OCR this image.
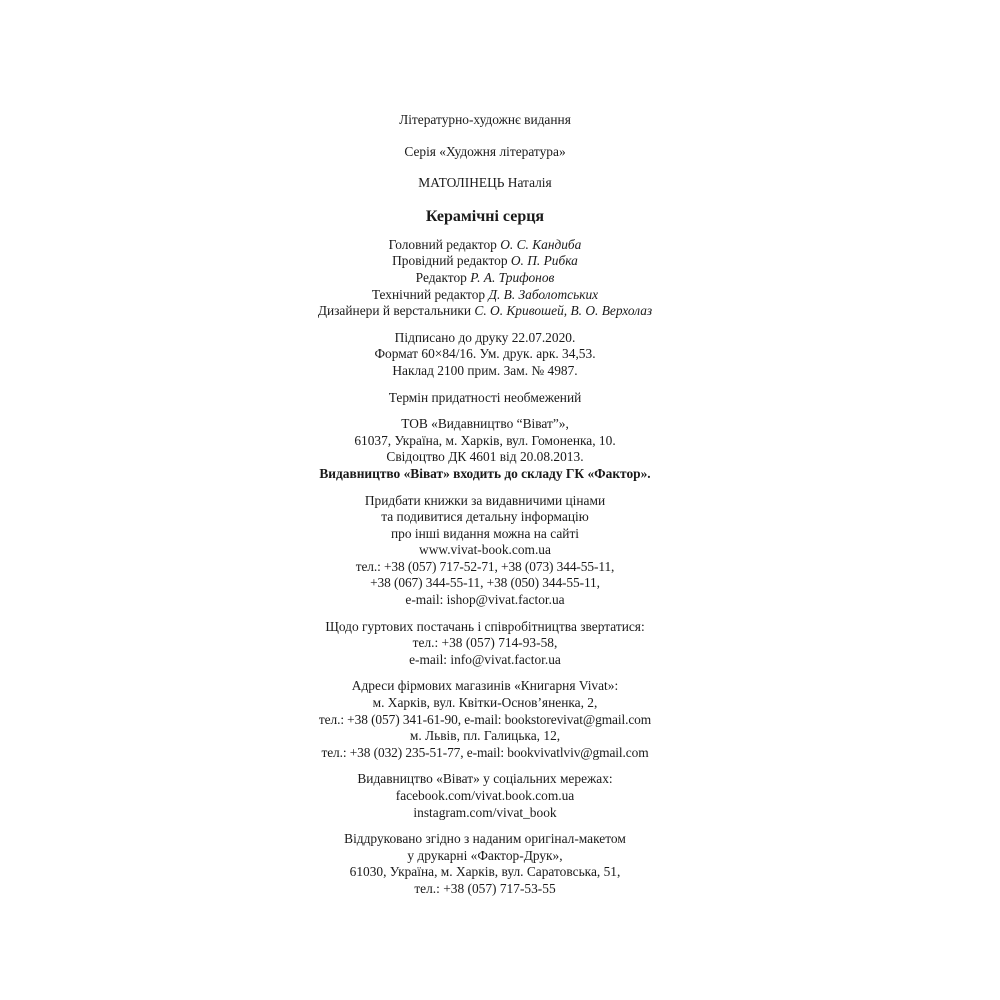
Літературно-художнє видання
Серія «Художня література»
МАТОЛІНЕЦЬ Наталія
Керамічні серця
Головний редактор О. С. Кандиба
Провідний редактор О. П. Рибка
Редактор Р. А. Трифонов
Технічний редактор Д. В. Заболотських
Дизайнери й верстальники С. О. Кривошей, В. О. Верхолаз
Підписано до друку 22.07.2020.
Формат 60×84/16. Ум. друк. арк. 34,53.
Наклад 2100 прим. Зам. № 4987.
Термін придатності необмежений
ТОВ «Видавництво “Віват”»,
61037, Україна, м. Харків, вул. Гомоненка, 10.
Свідоцтво ДК 4601 від 20.08.2013.
Видавництво «Віват» входить до складу ГК «Фактор».
Придбати книжки за видавничими цінами
та подивитися детальну інформацію
про інші видання можна на сайті
www.vivat-book.com.ua
тел.: +38 (057) 717-52-71, +38 (073) 344-55-11,
+38 (067) 344-55-11, +38 (050) 344-55-11,
e-mail: ishop@vivat.factor.ua
Щодо гуртових постачань і співробітництва звертатися:
тел.: +38 (057) 714-93-58,
e-mail: info@vivat.factor.ua
Адреси фірмових магазинів «Книгарня Vivat»:
м. Харків, вул. Квітки-Основ’яненка, 2,
тел.: +38 (057) 341-61-90, e-mail: bookstorevivat@gmail.com
м. Львів, пл. Галицька, 12,
тел.: +38 (032) 235-51-77, e-mail: bookvivatlviv@gmail.com
Видавництво «Віват» у соціальних мережах:
facebook.com/vivat.book.com.ua
instagram.com/vivat_book
Віддруковано згідно з наданим оригінал-макетом
у друкарні «Фактор-Друк»,
61030, Україна, м. Харків, вул. Саратовська, 51,
тел.: +38 (057) 717-53-55
